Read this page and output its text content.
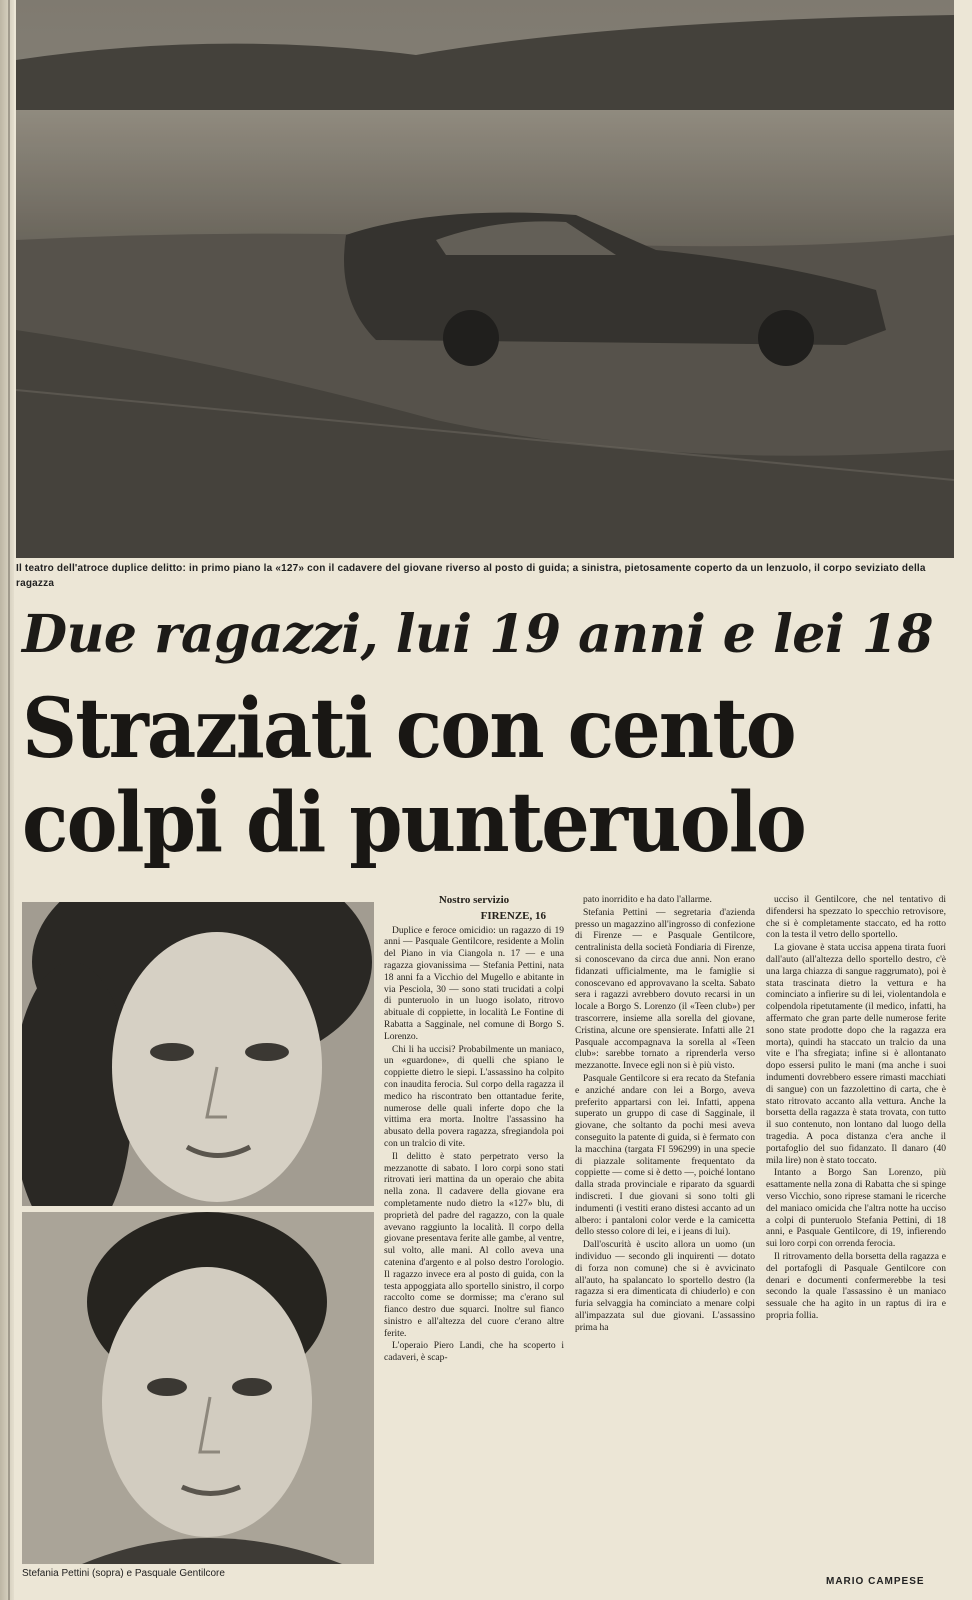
Il teatro dell'atroce duplice delitto: in primo piano la «127» con il cadavere del giovane riverso al posto di guida; a sinistra, pietosamente coperto da un lenzuolo, il corpo seviziato della ragazza
Due ragazzi, lui 19 anni e lei 18
Straziati con cento
colpi di punteruolo
Stefania Pettini (sopra) e Pasquale Gentilcore
Nostro servizio
FIRENZE, 16

Duplice e feroce omicidio: un ragazzo di 19 anni — Pasquale Gentilcore, residente a Molin del Piano in via Ciangola n. 17 — e una ragazza giovanissima — Stefania Pettini, nata 18 anni fa a Vicchio del Mugello e abitante in via Pesciola, 30 — sono stati trucidati a colpi di punteruolo in un luogo isolato, ritrovo abituale di coppiette, in località Le Fontine di Rabatta a Sagginale, nel comune di Borgo S. Lorenzo.

Chi li ha uccisi? Probabilmente un maniaco, un «guardone», di quelli che spiano le coppiette dietro le siepi. L'assassino ha colpito con inaudita ferocia. Sul corpo della ragazza il medico ha riscontrato ben ottantadue ferite, numerose delle quali inferte dopo che la vittima era morta. Inoltre l'assassino ha abusato della povera ragazza, sfregiandola poi con un tralcio di vite.

Il delitto è stato perpetrato verso la mezzanotte di sabato. I loro corpi sono stati ritrovati ieri mattina da un operaio che abita nella zona. Il cadavere della giovane era completamente nudo dietro la «127» blu, di proprietà del padre del ragazzo, con la quale avevano raggiunto la località. Il corpo della giovane presentava ferite alle gambe, al ventre, sul volto, alle mani. Al collo aveva una catenina d'argento e al polso destro l'orologio. Il ragazzo invece era al posto di guida, con la testa appoggiata allo sportello sinistro, il corpo raccolto come se dormisse; ma c'erano sul fianco destro due squarci. Inoltre sul fianco sinistro e all'altezza del cuore c'erano altre ferite.

L'operaio Piero Landi, che ha scoperto i cadaveri, è scap-

pato inorridito e ha dato l'allarme.

Stefania Pettini — segretaria d'azienda presso un magazzino all'ingrosso di confezione di Firenze — e Pasquale Gentilcore, centralinista della società Fondiaria di Firenze, si conoscevano da circa due anni. Non erano fidanzati ufficialmente, ma le famiglie si conoscevano ed approvavano la scelta. Sabato sera i ragazzi avrebbero dovuto recarsi in un locale a Borgo S. Lorenzo (il «Teen club») per trascorrere, insieme alla sorella del giovane, Cristina, alcune ore spensierate. Infatti alle 21 Pasquale accompagnava la sorella al «Teen club»: sarebbe tornato a riprenderla verso mezzanotte. Invece egli non si è più visto.

Pasquale Gentilcore si era recato da Stefania e anziché andare con lei a Borgo, aveva preferito appartarsi con lei. Infatti, appena superato un gruppo di case di Sagginale, il giovane, che soltanto da pochi mesi aveva conseguito la patente di guida, si è fermato con la macchina (targata FI 596299) in una specie di piazzale solitamente frequentato da coppiette — come si è detto —, poiché lontano dalla strada provinciale e riparato da sguardi indiscreti. I due giovani si sono tolti gli indumenti (i vestiti erano distesi accanto ad un albero: i pantaloni color verde e la camicetta dello stesso colore di lei, e i jeans di lui).

Dall'oscurità è uscito allora un uomo (un individuo — secondo gli inquirenti — dotato di forza non comune) che si è avvicinato all'auto, ha spalancato lo sportello destro (la ragazza si era dimenticata di chiuderlo) e con furia selvaggia ha cominciato a menare colpi all'impazzata sul due giovani. L'assassino prima ha

ucciso il Gentilcore, che nel tentativo di difendersi ha spezzato lo specchio retrovisore, che si è completamente staccato, ed ha rotto con la testa il vetro dello sportello.

La giovane è stata uccisa appena tirata fuori dall'auto (all'altezza dello sportello destro, c'è una larga chiazza di sangue raggrumato), poi è stata trascinata dietro la vettura e ha cominciato a infierire su di lei, violentandola e colpendola ripetutamente (il medico, infatti, ha affermato che gran parte delle numerose ferite sono state prodotte dopo che la ragazza era morta), quindi ha staccato un tralcio da una vite e l'ha sfregiata; infine si è allontanato dopo essersi pulito le mani (ma anche i suoi indumenti dovrebbero essere rimasti macchiati di sangue) con un fazzolettino di carta, che è stato ritrovato accanto alla vettura. Anche la borsetta della ragazza è stata trovata, con tutto il suo contenuto, non lontano dal luogo della tragedia. A poca distanza c'era anche il portafoglio del suo fidanzato. Il danaro (40 mila lire) non è stato toccato.

Intanto a Borgo San Lorenzo, più esattamente nella zona di Rabatta che si spinge verso Vicchio, sono riprese stamani le ricerche del maniaco omicida che l'altra notte ha ucciso a colpi di punteruolo Stefania Pettini, di 18 anni, e Pasquale Gentilcore, di 19, infierendo sui loro corpi con orrenda ferocia.

Il ritrovamento della borsetta della ragazza e del portafogli di Pasquale Gentilcore con denari e documenti confermerebbe la tesi secondo la quale l'assassino è un maniaco sessuale che ha agito in un raptus di ira e propria follia.

MARIO CAMPESE
